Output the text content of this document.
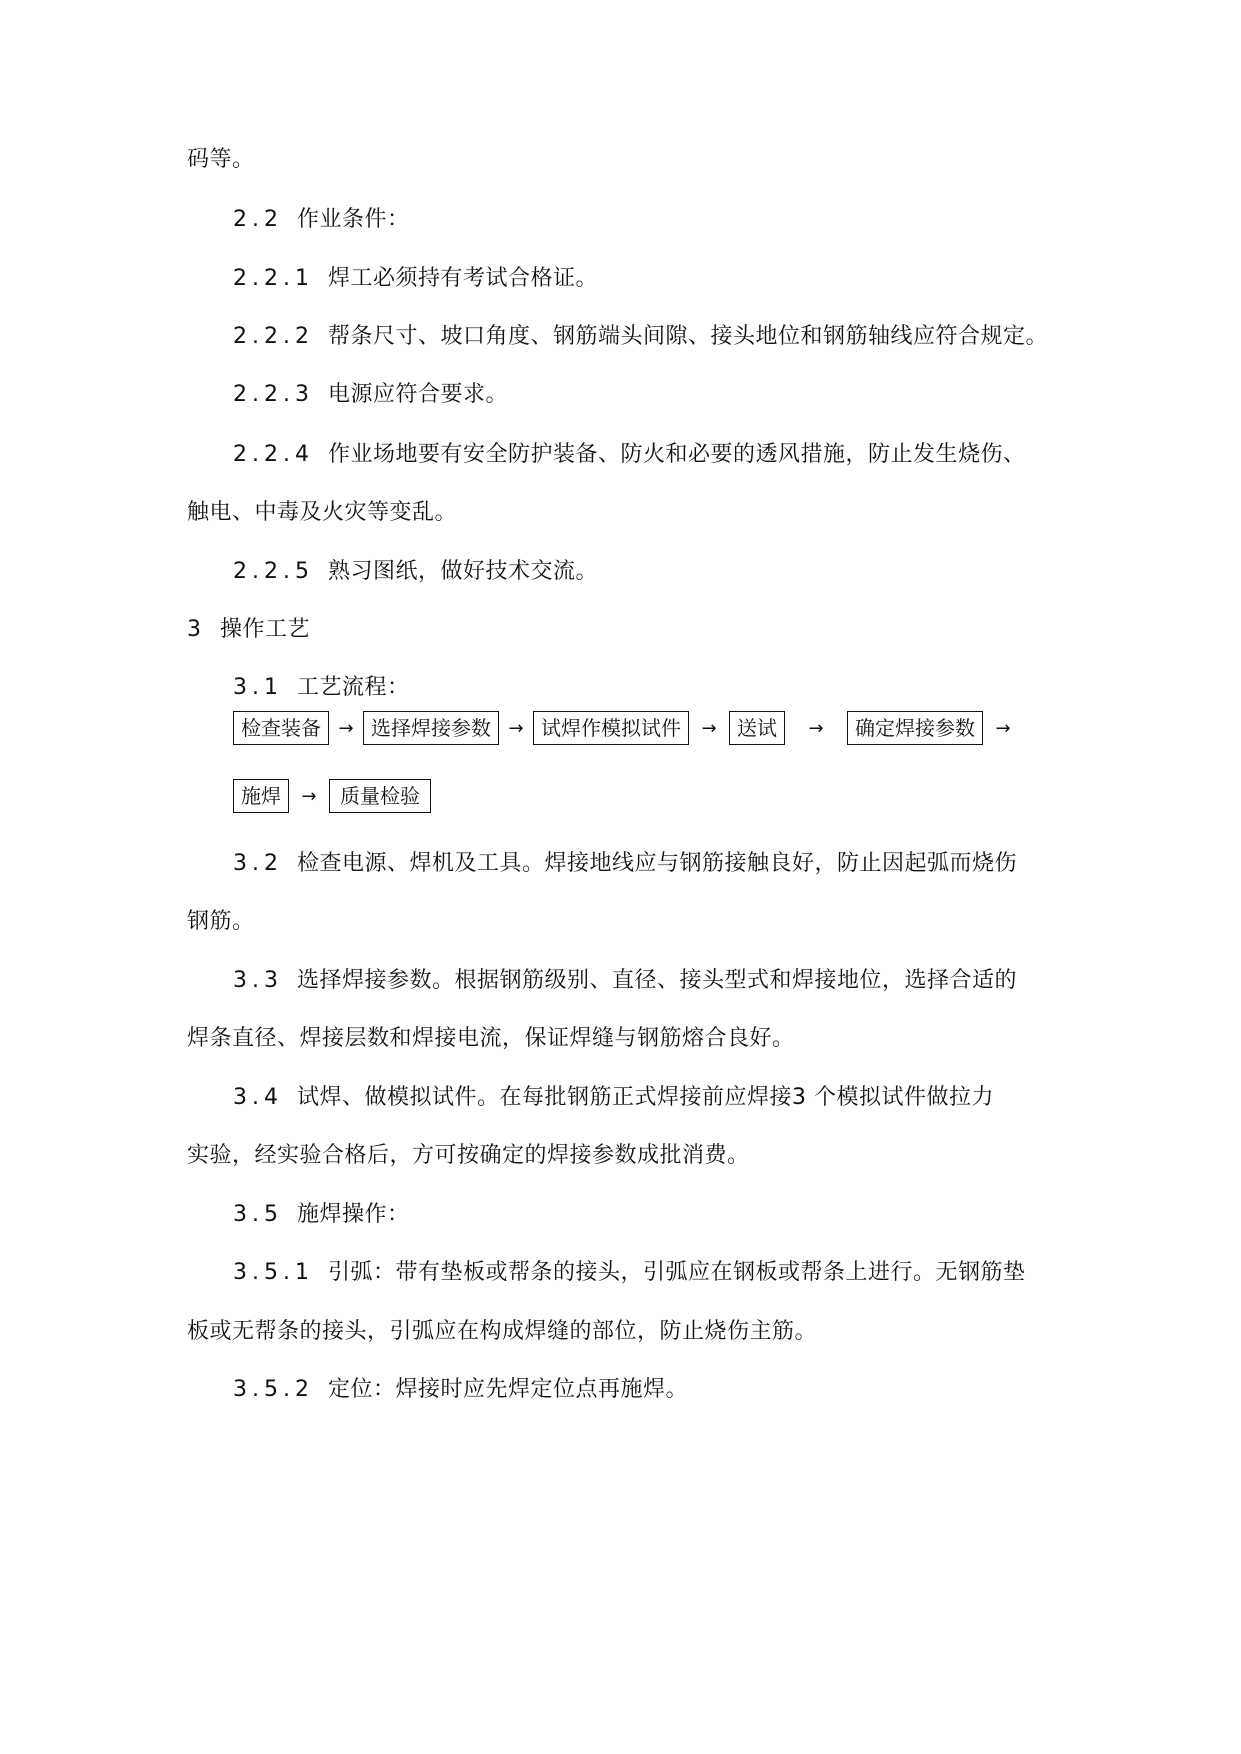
码等。
2.2 作业条件：
2.2.1 焊工必须持有考试合格证。
2.2.2 帮条尺寸、坡口角度、钢筋端头间隙、接头地位和钢筋轴线应符合规定。
2.2.3 电源应符合要求。
2.2.4 作业场地要有安全防护装备、防火和必要的透风措施，防止发生烧伤、
触电、中毒及火灾等变乱。
2.2.5 熟习图纸，做好技术交流。
3 操作工艺
3.1 工艺流程：
检查装备 → 选择焊接参数 → 试焊作模拟试件	→	送试	→	确定焊接参数	→
施焊	→	质量检验
3.2 检查电源、焊机及工具。焊接地线应与钢筋接触良好，防止因起弧而烧伤
钢筋。
3.3 选择焊接参数。根据钢筋级别、直径、接头型式和焊接地位，选择合适的
焊条直径、焊接层数和焊接电流，保证焊缝与钢筋熔合良好。
3.4 试焊、做模拟试件。在每批钢筋正式焊接前应焊接3 个模拟试件做拉力
实验，经实验合格后，方可按确定的焊接参数成批消费。
3.5 施焊操作：
3.5.1 引弧：带有垫板或帮条的接头，引弧应在钢板或帮条上进行。无钢筋垫
板或无帮条的接头，引弧应在构成焊缝的部位，防止烧伤主筋。
3.5.2 定位：焊接时应先焊定位点再施焊。
